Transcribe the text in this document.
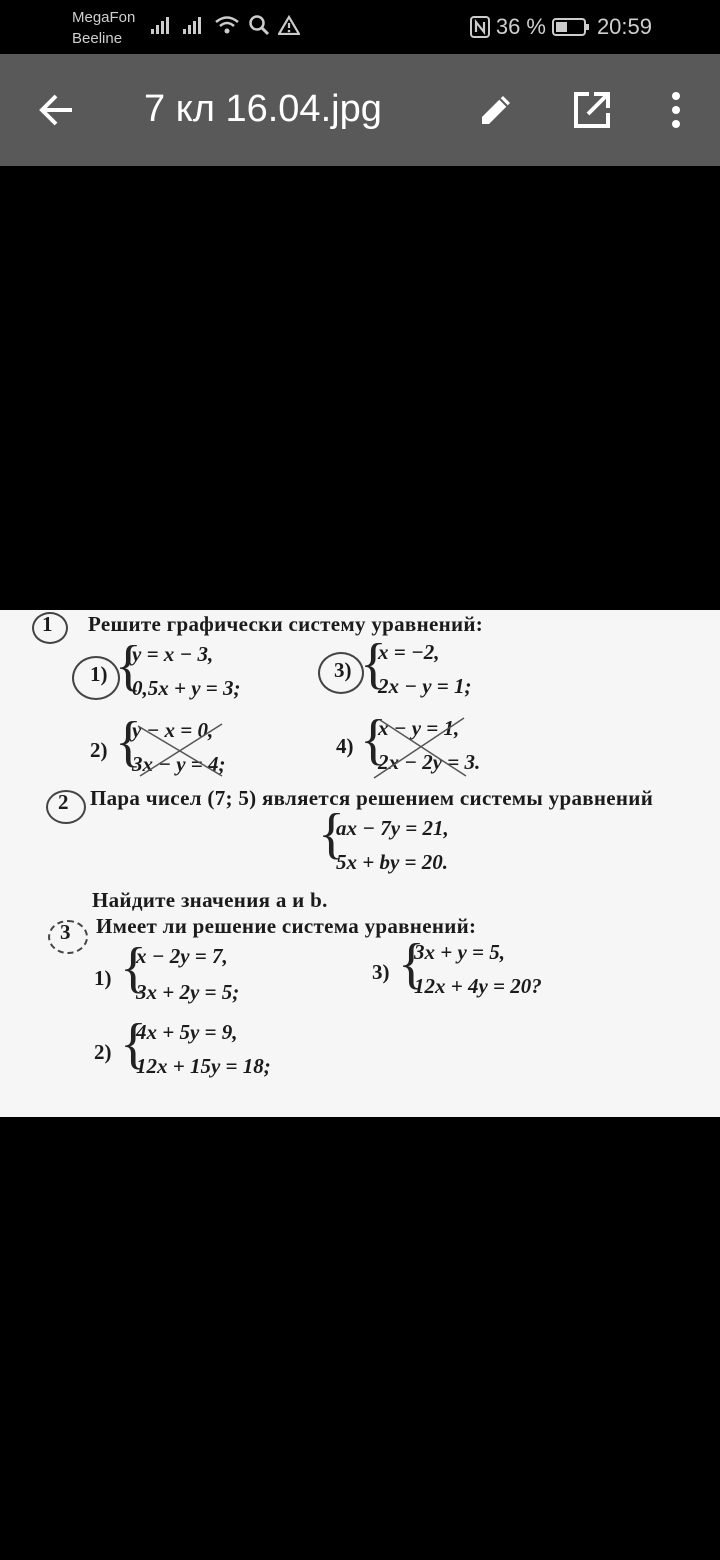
MegaFon
Beeline	36 % 20:59
7 кл 16.04.jpg
1 Решите графически систему уравнений:
1) {
y = x − 3,
0,5x + y = 3;
3) {
x = −2,
2x − y = 1;
2) {
y − x = 0,
3x − y = 4;
4) {
x − y = 1,
2x − 2y = 3.
2 Пара чисел (7; 5) является решением системы уравнений
{
ax − 7y = 21,
5x + by = 20.
Найдите значения a и b.
3 Имеет ли решение система уравнений:
1) {
x − 2y = 7,
3x + 2y = 5;
3) {
3x + y = 5,
12x + 4y = 20?
2) {
4x + 5y = 9,
12x + 15y = 18;
